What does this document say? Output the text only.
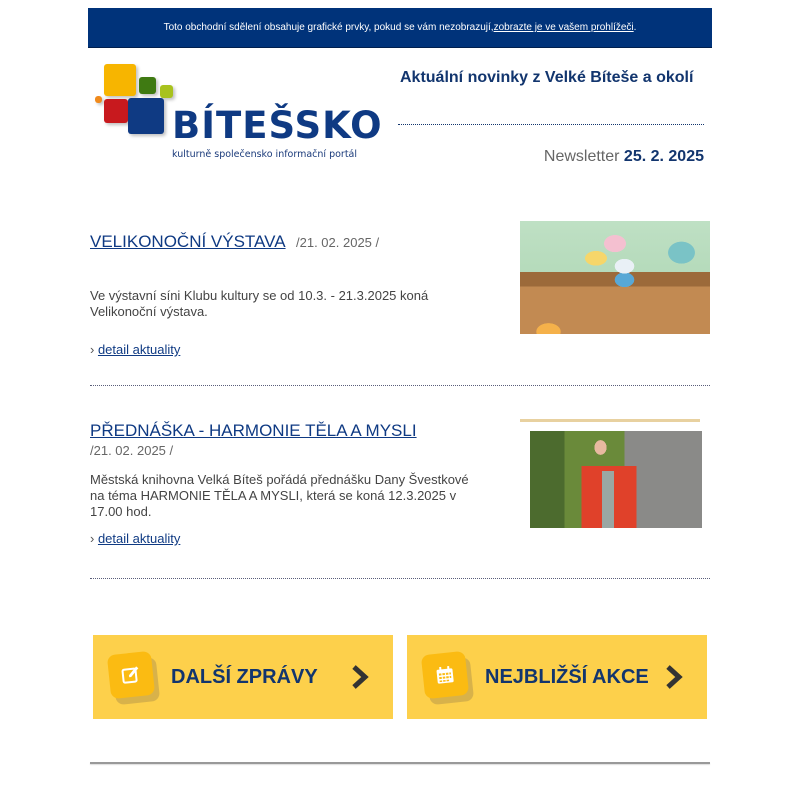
Toto obchodní sdělení obsahuje grafické prvky, pokud se vám nezobrazují, zobrazte je ve vašem prohlížeči .
BÍTEŠSKO
kulturně společensko informační portál
Aktuální novinky z Velké Bíteše a okolí
Newsletter 25. 2. 2025
VELIKONOČNÍ VÝSTAVA /21. 02. 2025 /
Ve výstavní síni Klubu kultury se od 10.3. - 21.3.2025 koná Velikonoční výstava.
› detail aktuality
PŘEDNÁŠKA - HARMONIE TĚLA A MYSLI
/21. 02. 2025 /
Městská knihovna Velká Bíteš pořádá přednášku Dany Švestkové na téma HARMONIE TĚLA A MYSLI, která se koná 12.3.2025 v 17.00 hod.
› detail aktuality
DALŠÍ ZPRÁVY	NEJBLIŽŠÍ AKCE
